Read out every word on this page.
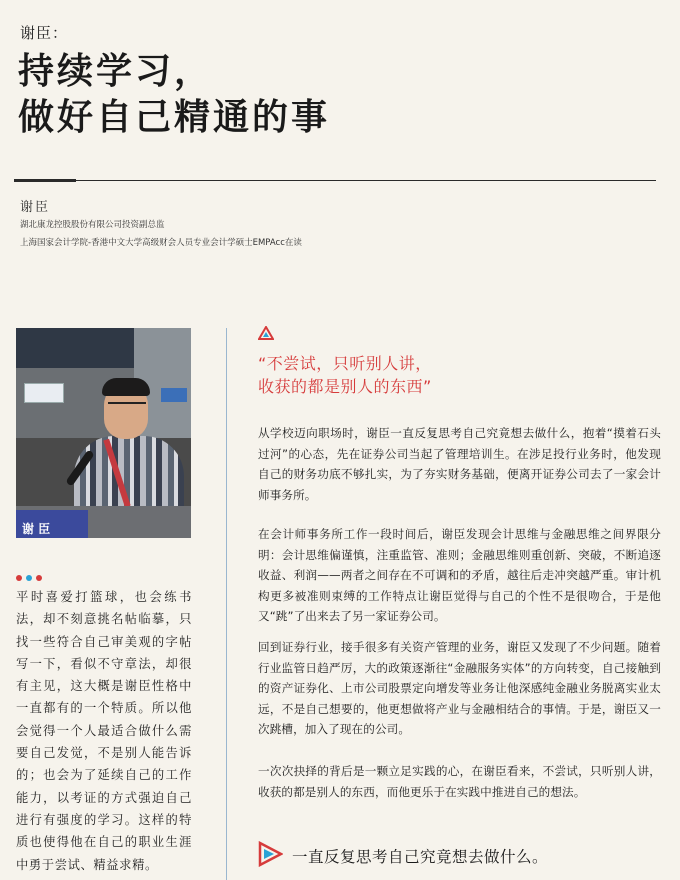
谢臣：
持续学习，
做好自己精通的事
谢臣
湖北康龙控股股份有限公司投资副总监
上海国家会计学院-香港中文大学高级财会人员专业会计学硕士EMPAcc在读
谢 臣
平时喜爱打篮球，也会练书法，却不刻意挑名帖临摹，只找一些符合自己审美观的字帖写一下，看似不守章法，却很有主见，这大概是谢臣性格中一直都有的一个特质。所以他会觉得一个人最适合做什么需要自己发觉，不是别人能告诉的；也会为了延续自己的工作能力，以考证的方式强迫自己进行有强度的学习。这样的特质也使得他在自己的职业生涯中勇于尝试、精益求精。
“不尝试，只听别人讲，
收获的都是别人的东西”
从学校迈向职场时，谢臣一直反复思考自己究竟想去做什么，抱着“摸着石头过河”的心态，先在证券公司当起了管理培训生。在涉足投行业务时，他发现自己的财务功底不够扎实，为了夯实财务基础，便离开证券公司去了一家会计师事务所。
在会计师事务所工作一段时间后，谢臣发现会计思维与金融思维之间界限分明：会计思维偏谨慎，注重监管、准则；金融思维则重创新、突破，不断追逐收益、利润——两者之间存在不可调和的矛盾，越往后走冲突越严重。审计机构更多被准则束缚的工作特点让谢臣觉得与自己的个性不是很吻合，于是他又“跳”了出来去了另一家证券公司。
回到证券行业，接手很多有关资产管理的业务，谢臣又发现了不少问题。随着行业监管日趋严厉，大的政策逐渐往“金融服务实体”的方向转变，自己接触到的资产证券化、上市公司股票定向增发等业务让他深感纯金融业务脱离实业太远，不是自己想要的，他更想做将产业与金融相结合的事情。于是，谢臣又一次跳槽，加入了现在的公司。
一次次抉择的背后是一颗立足实践的心，在谢臣看来，不尝试，只听别人讲，收获的都是别人的东西，而他更乐于在实践中推进自己的想法。
一直反复思考自己究竟想去做什么。
